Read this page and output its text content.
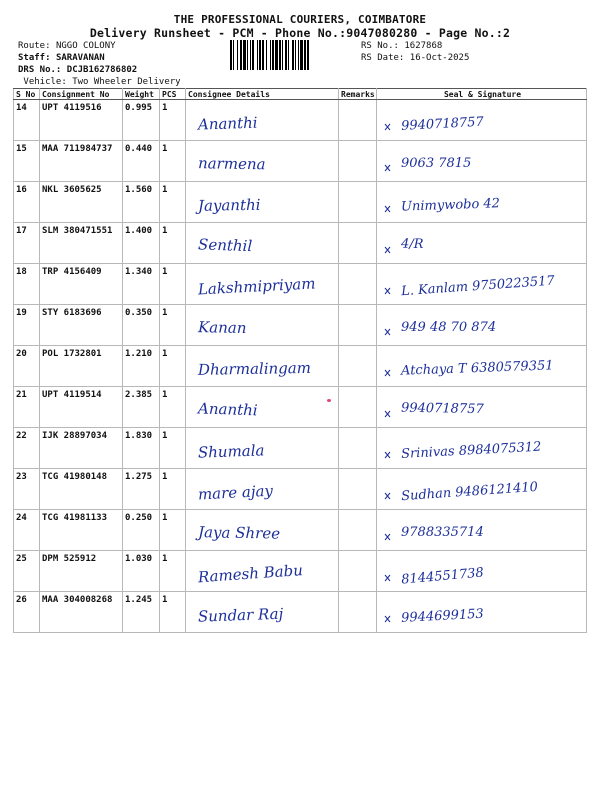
THE PROFESSIONAL COURIERS, COIMBATORE
Delivery Runsheet - PCM - Phone No.:9047080280 - Page No.:2
Route: NGGO COLONY
Staff: SARAVANAN
DRS No.: DCJB162786802
Vehicle: Two Wheeler Delivery
RS No.: 1627868
RS Date: 16-Oct-2025
S No	Consignment No	Weight	PCS	Consignee Details	Remarks	Seal & Signature

14	UPT 4119516	0.995	1	Ananthi		9940718757

15	MAA 711984737	0.440	1	narmena		9063 7815

16	NKL 3605625	1.560	1	Jayanthi		Unimywobo 42

17	SLM 380471551	1.400	1	Senthil		4/R

18	TRP 4156409	1.340	1	Lakshmipriyam		L. Kanlam 9750223517

19	STY 6183696	0.350	1	Kanan		949 48 70 874

20	POL 1732801	1.210	1	Dharmalingam		Atchaya T 6380579351

21	UPT 4119514	2.385	1	Ananthi		9940718757

22	IJK 28897034	1.830	1	Shumala		Srinivas 8984075312

23	TCG 41980148	1.275	1	mare ajay		Sudhan 9486121410

24	TCG 41981133	0.250	1	Jaya Shree		9788335714

25	DPM 525912	1.030	1	Ramesh Babu		8144551738

26	MAA 304008268	1.245	1	Sundar Raj		9944699153
